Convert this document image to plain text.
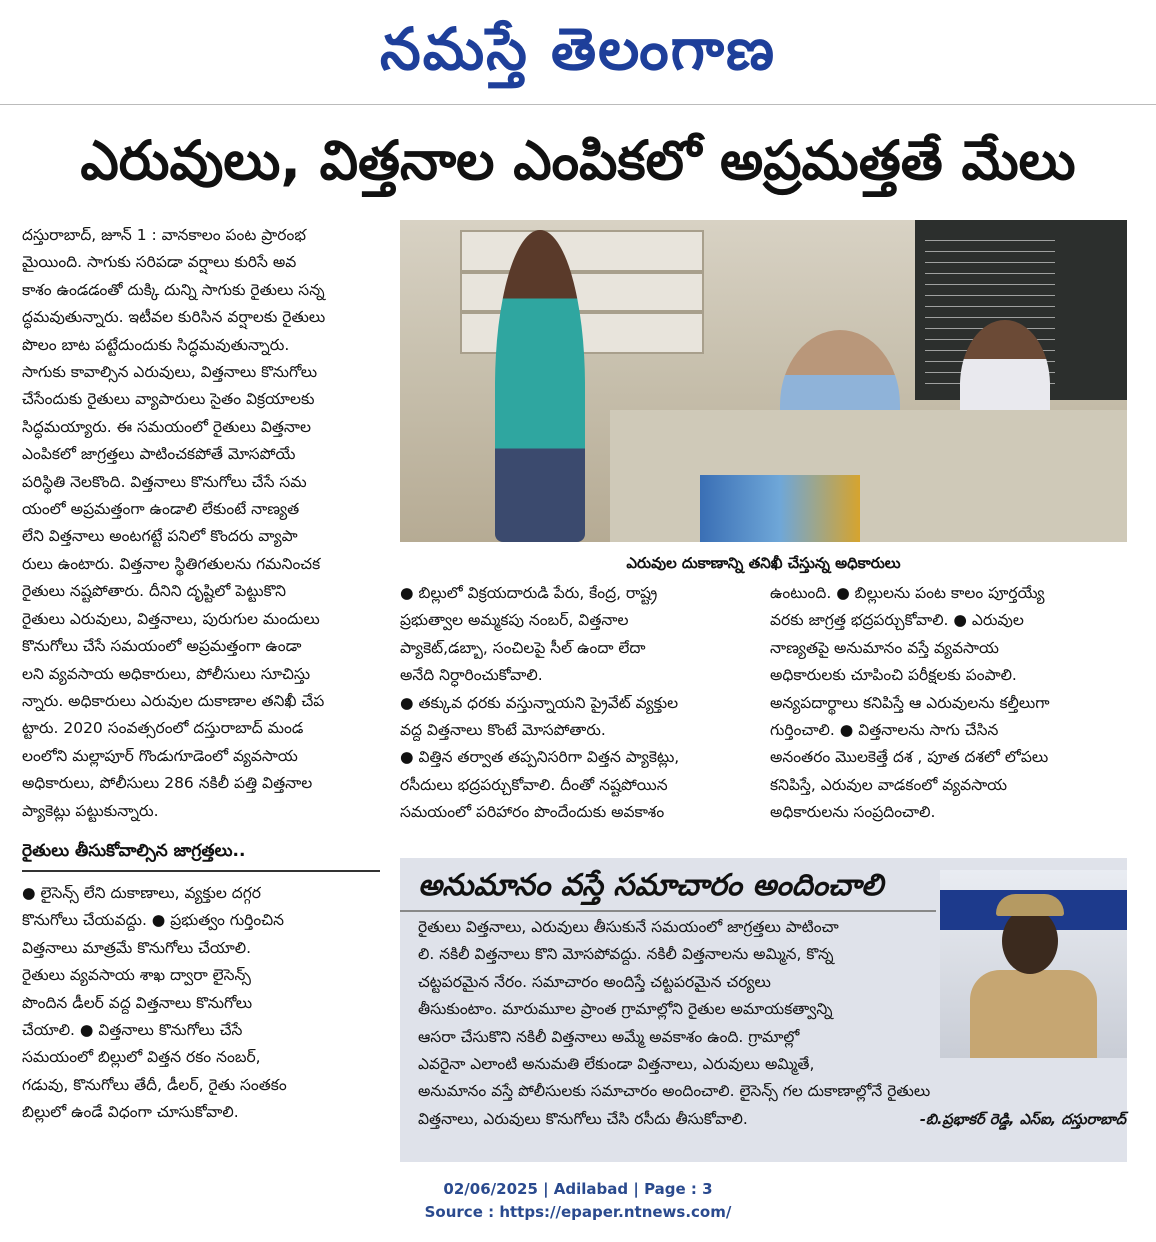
నమస్తే తెలంగాణ
ఎరువులు, విత్తనాల ఎంపికలో అప్రమత్తతే మేలు

దస్తురాబాద్, జూన్ 1 : వానకాలం పంట ప్రారంభ

మైయింది. సాగుకు సరిపడా వర్షాలు కురిసే అవ

కాశం ఉండడంతో దుక్కి దున్ని సాగుకు రైతులు సన్న

ద్ధమవుతున్నారు. ఇటీవల కురిసిన వర్షాలకు రైతులు

పొలం బాట పట్టేదుందుకు సిద్ధమవుతున్నారు.

సాగుకు కావాల్సిన ఎరువులు, విత్తనాలు కొనుగోలు

చేసేందుకు రైతులు వ్యాపారులు సైతం విక్రయాలకు

సిద్ధమయ్యారు. ఈ సమయంలో రైతులు విత్తనాల

ఎంపికలో జాగ్రత్తలు పాటించకపోతే మోసపోయే

పరిస్థితి నెలకొంది. విత్తనాలు కొనుగోలు చేసే సమ

యంలో అప్రమత్తంగా ఉండాలి లేకుంటే నాణ్యత

లేని విత్తనాలు అంటగట్టే పనిలో కొందరు వ్యాపా

రులు ఉంటారు. విత్తనాల స్థితిగతులను గమనించక

రైతులు నష్టపోతారు. దీనిని దృష్టిలో పెట్టుకొని

రైతులు ఎరువులు, విత్తనాలు, పురుగుల మందులు

కొనుగోలు చేసే సమయంలో అప్రమత్తంగా ఉండా

లని వ్యవసాయ అధికారులు, పోలీసులు సూచిస్తు

న్నారు. అధికారులు ఎరువుల దుకాణాల తనిఖీ చేప

ట్టారు. 2020 సంవత్సరంలో దస్తురాబాద్ మండ

లంలోని మల్లాపూర్ గొండుగూడెంలో వ్యవసాయ

అధికారులు, పోలీసులు 286 నకిలీ పత్తి విత్తనాల

ప్యాకెట్లు పట్టుకున్నారు.

ఎరువుల దుకాణాన్ని తనిఖీ చేస్తున్న అధికారులు

● బిల్లులో విక్రయదారుడి పేరు, కేంద్ర, రాష్ట్ర

ప్రభుత్వాల అమ్మకపు నంబర్, విత్తనాల

ప్యాకెట్,డబ్బా, సంచిలపై సీల్ ఉందా లేదా

అనేది నిర్ధారించుకోవాలి.

● తక్కువ ధరకు వస్తున్నాయని ప్రైవేట్ వ్యక్తుల

వద్ద విత్తనాలు కొంటే మోసపోతారు.

● విత్తిన తర్వాత తప్పనిసరిగా విత్తన ప్యాకెట్లు,

రసీదులు భద్రపర్చుకోవాలి. దీంతో నష్టపోయిన

సమయంలో పరిహారం పొందేందుకు అవకాశం

ఉంటుంది. ● బిల్లులను పంట కాలం పూర్తయ్యే

వరకు జాగ్రత్త భద్రపర్చుకోవాలి. ● ఎరువుల

నాణ్యతపై అనుమానం వస్తే వ్యవసాయ

అధికారులకు చూపించి పరీక్షలకు పంపాలి.

అన్యపదార్థాలు కనిపిస్తే ఆ ఎరువులను కల్తీలుగా

గుర్తించాలి. ● విత్తనాలను సాగు చేసిన

అనంతరం మొలకెత్తే దశ , పూత దశలో లోపలు

కనిపిస్తే, ఎరువుల వాడకంలో వ్యవసాయ

అధికారులను సంప్రదించాలి.

రైతులు తీసుకోవాల్సిన జాగ్రత్తలు..

● లైసెన్స్ లేని దుకాణాలు, వ్యక్తుల దగ్గర

కొనుగోలు చేయవద్దు. ● ప్రభుత్వం గుర్తించిన

విత్తనాలు మాత్రమే కొనుగోలు చేయాలి.

రైతులు వ్యవసాయ శాఖ ద్వారా లైసెన్స్

పొందిన డీలర్ వద్ద విత్తనాలు కొనుగోలు

చేయాలి. ● విత్తనాలు కొనుగోలు చేసే

సమయంలో బిల్లులో విత్తన రకం నంబర్,

గడువు, కొనుగోలు తేదీ, డీలర్, రైతు సంతకం

బిల్లులో ఉండే విధంగా చూసుకోవాలి.

అనుమానం వస్తే సమాచారం అందించాలి

రైతులు విత్తనాలు, ఎరువులు తీసుకునే సమయంలో జాగ్రత్తలు పాటించా

లి. నకిలీ విత్తనాలు కొని మోసపోవద్దు. నకిలీ విత్తనాలను అమ్మిన, కొన్న

చట్టపరమైన నేరం. సమాచారం అందిస్తే చట్టపరమైన చర్యలు

తీసుకుంటాం. మారుమూల ప్రాంత గ్రామాల్లోని రైతుల అమాయకత్వాన్ని

ఆసరా చేసుకొని నకిలీ విత్తనాలు అమ్మే అవకాశం ఉంది. గ్రామాల్లో

ఎవరైనా ఎలాంటి అనుమతి లేకుండా విత్తనాలు, ఎరువులు అమ్మితే,

అనుమానం వస్తే పోలీసులకు సమాచారం అందించాలి. లైసెన్స్ గల దుకాణాల్లోనే రైతులు

విత్తనాలు, ఎరువులు కొనుగోలు చేసి రసీదు తీసుకోవాలి.	-బి.ప్రభాకర్ రెడ్డి, ఎస్ఐ, దస్తురాబాద్
02/06/2025 | Adilabad | Page : 3
Source : https://epaper.ntnews.com/
